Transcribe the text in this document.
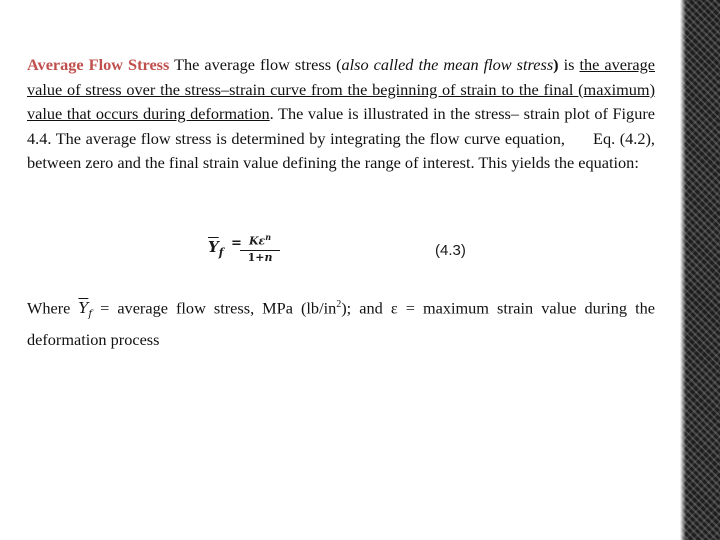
Average Flow Stress The average flow stress (also called the mean flow stress) is the average value of stress over the stress–strain curve from the beginning of strain to the final (maximum) value that occurs during deformation. The value is illustrated in the stress– strain plot of Figure 4.4. The average flow stress is determined by integrating the flow curve equation, Eq. (4.2), between zero and the final strain value defining the range of interest. This yields the equation:
$\overline{Y}_f$
= $K\varepsilon^n$
1+n	(4.3)
Where $\overline{Y}_f$ = average flow stress, MPa $(lb/in^2)$; and ε = maximum strain value during the deformation process
